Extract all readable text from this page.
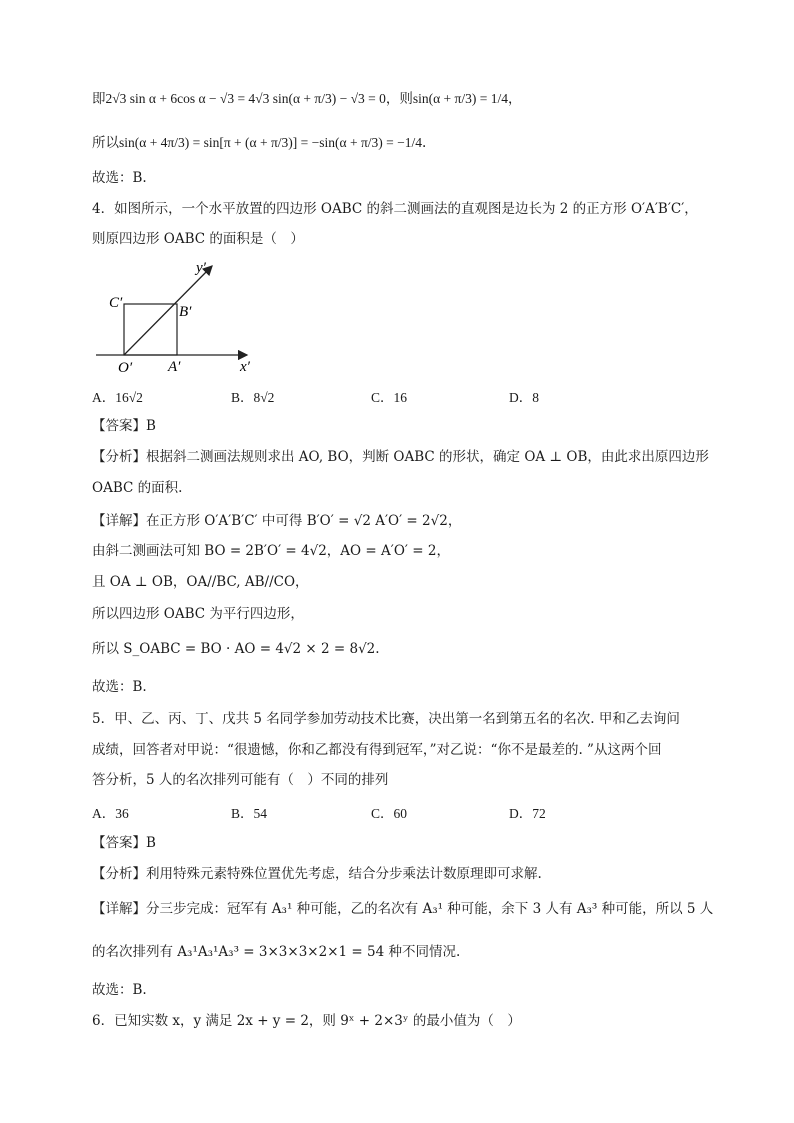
即2√3 sin α + 6cos α − √3 = 4√3 sin(α + π/3) − √3 = 0，则sin(α + π/3) = 1/4，
所以sin(α + 4π/3) = sin[π + (α + π/3)] = −sin(α + π/3) = −1/4.
故选：B.
4．如图所示，一个水平放置的四边形 OABC 的斜二测画法的直观图是边长为 2 的正方形 O′A′B′C′，
则原四边形 OABC 的面积是（　）
y′
x′
C′
B′
O′ A′
A．16√2	B．8√2	C．16	D．8
【答案】B
【分析】根据斜二测画法规则求出 AO, BO，判断 OABC 的形状，确定 OA ⊥ OB，由此求出原四边形
OABC 的面积.
【详解】在正方形 O′A′B′C′ 中可得 B′O′ = √2 A′O′ = 2√2，
由斜二测画法可知 BO = 2B′O′ = 4√2，AO = A′O′ = 2，
且 OA ⊥ OB，OA//BC, AB//CO，
所以四边形 OABC 为平行四边形，
所以 S_OABC = BO · AO = 4√2 × 2 = 8√2.
故选：B.
5．甲、乙、丙、丁、戊共 5 名同学参加劳动技术比赛，决出第一名到第五名的名次. 甲和乙去询问
成绩，回答者对甲说：“很遗憾，你和乙都没有得到冠军，”对乙说：“你不是最差的. ”从这两个回
答分析，5 人的名次排列可能有（　）不同的排列
A．36	B．54	C．60	D．72
【答案】B
【分析】利用特殊元素特殊位置优先考虑，结合分步乘法计数原理即可求解.
【详解】分三步完成：冠军有 A₃¹ 种可能，乙的名次有 A₃¹ 种可能，余下 3 人有 A₃³ 种可能，所以 5 人
的名次排列有 A₃¹A₃¹A₃³ = 3×3×3×2×1 = 54 种不同情况.
故选：B.
6．已知实数 x，y 满足 2x + y = 2，则 9ˣ + 2×3ʸ 的最小值为（　）
